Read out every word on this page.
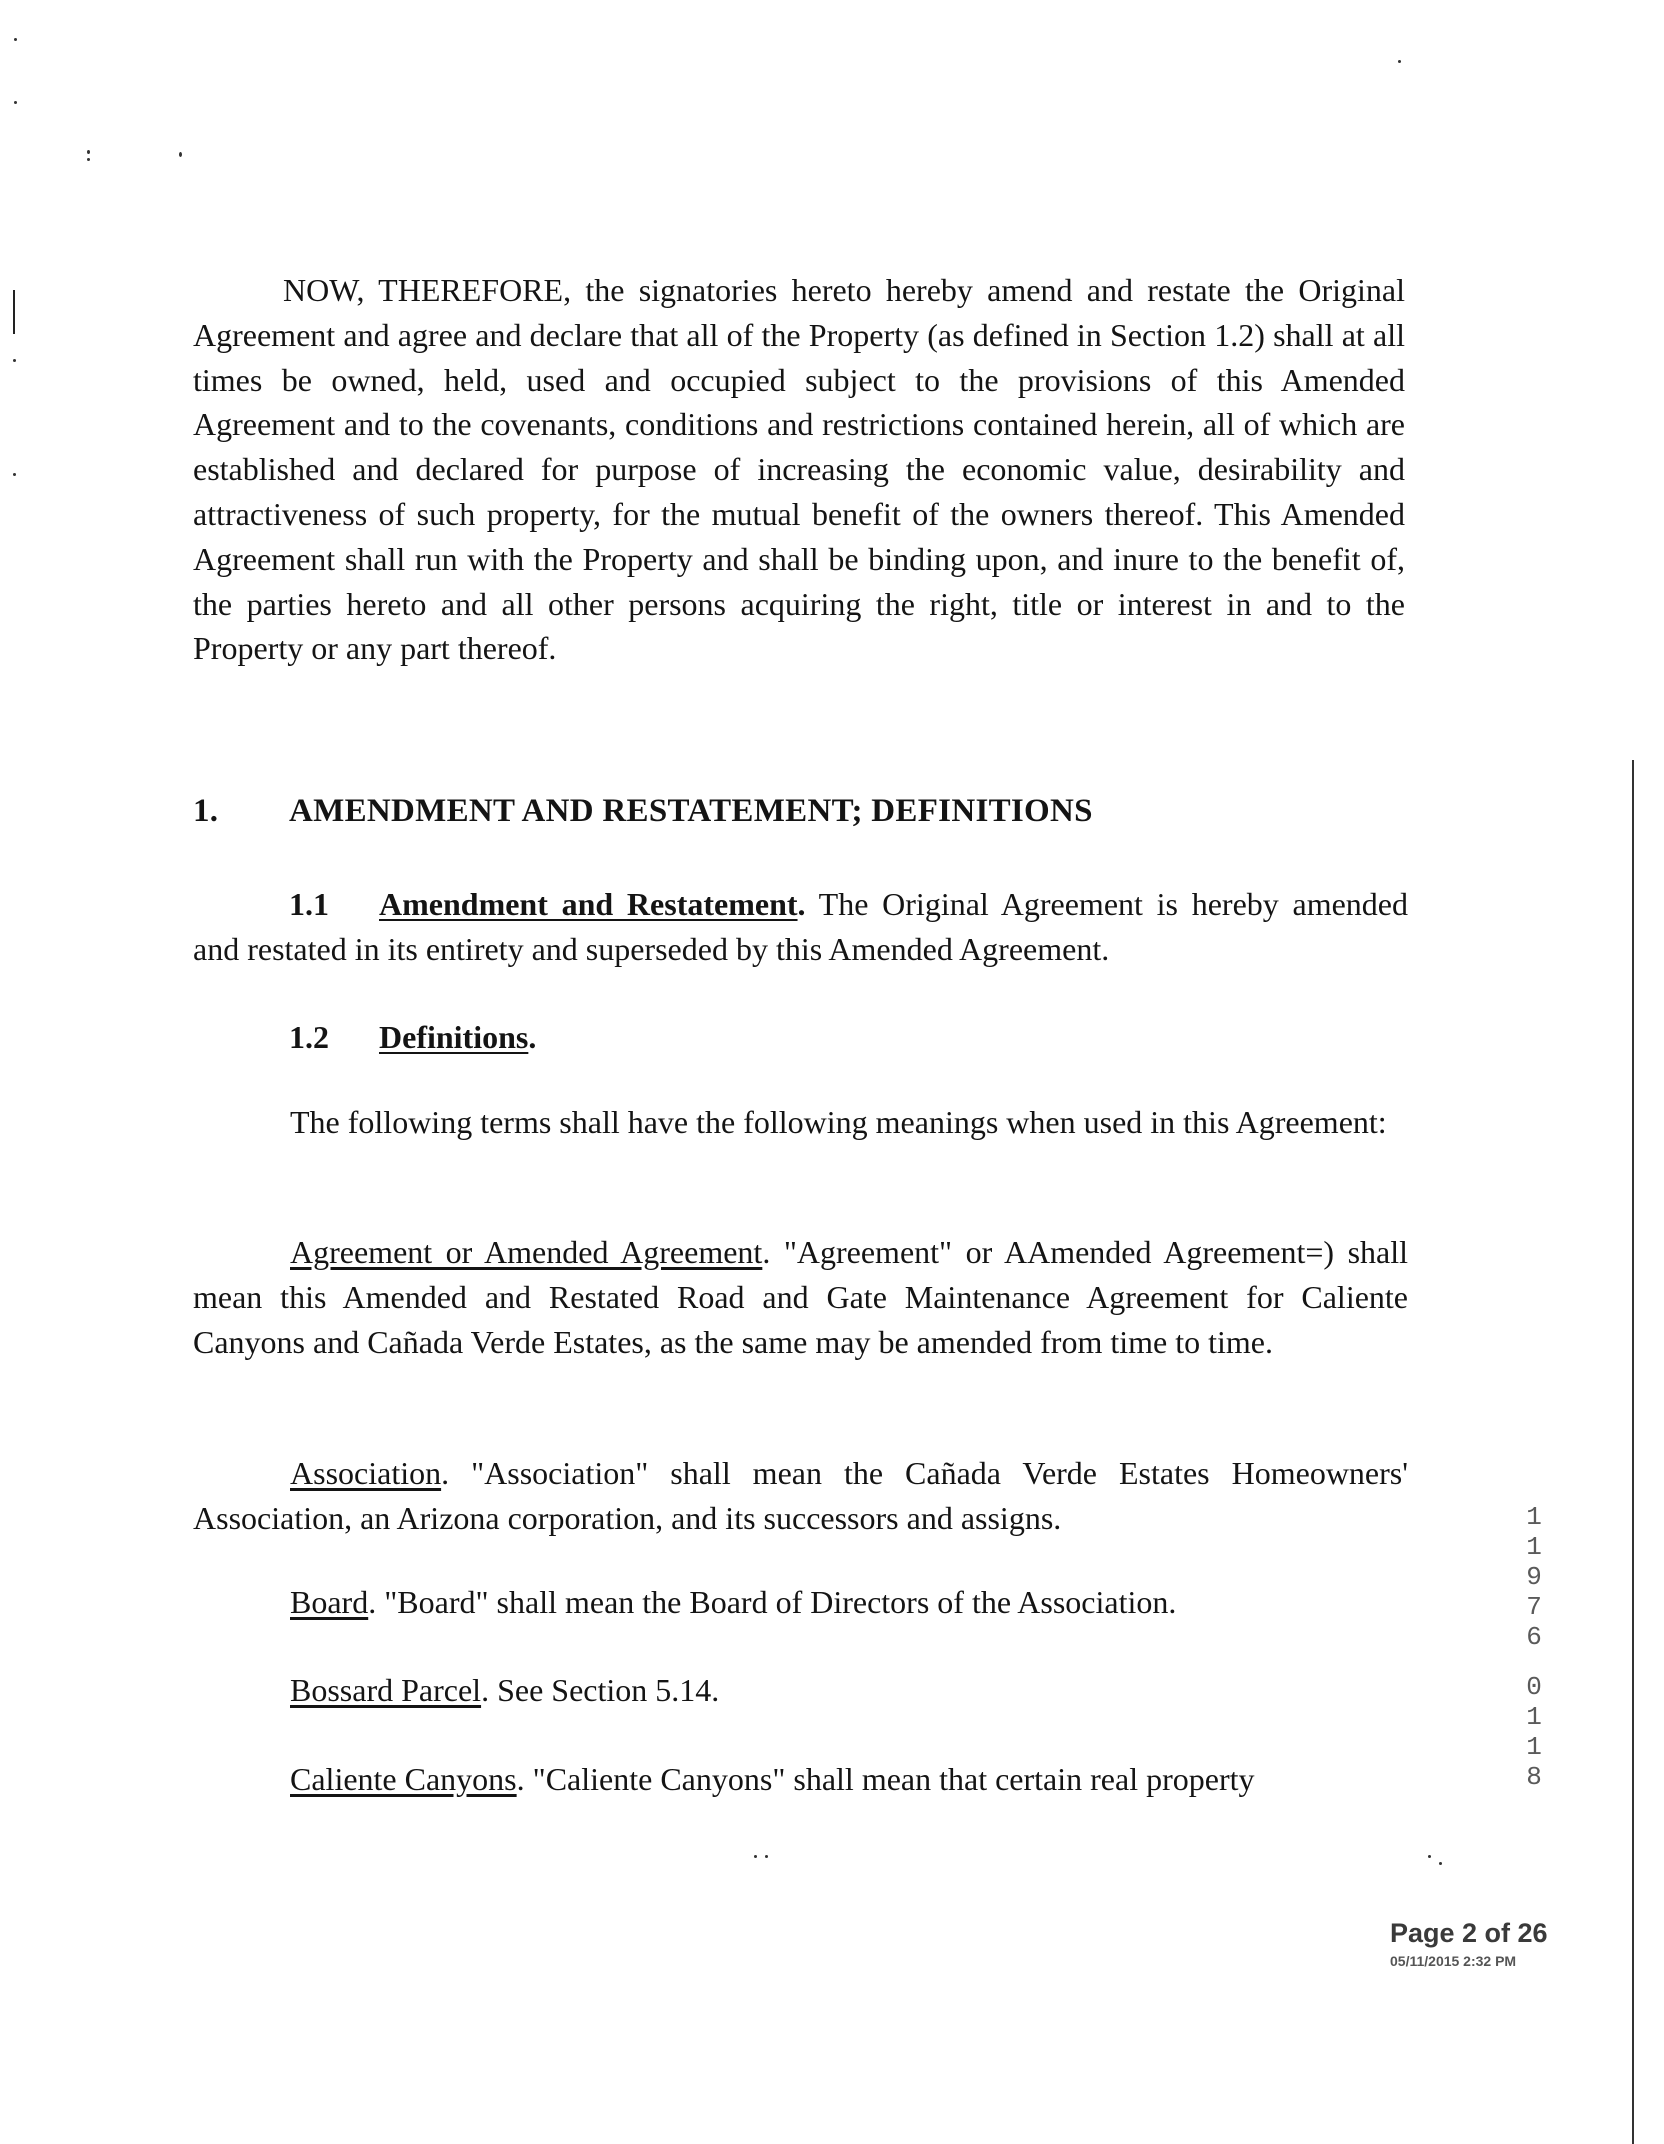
NOW, THEREFORE, the signatories hereto hereby amend and restate the Original Agreement and agree and declare that all of the Property (as defined in Section 1.2) shall at all times be owned, held, used and occupied subject to the provisions of this Amended Agreement and to the covenants, conditions and restrictions contained herein, all of which are established and declared for purpose of increasing the economic value, desirability and attractiveness of such property, for the mutual benefit of the owners thereof. This Amended Agreement shall run with the Property and shall be binding upon, and inure to the benefit of, the parties hereto and all other persons acquiring the right, title or interest in and to the Property or any part thereof.

1. AMENDMENT AND RESTATEMENT; DEFINITIONS

1.1 Amendment and Restatement. The Original Agreement is hereby amended and restated in its entirety and superseded by this Amended Agreement.

1.2 Definitions.

The following terms shall have the following meanings when used in this Agreement:

Agreement or Amended Agreement. "Agreement" or AAmended Agreement=) shall mean this Amended and Restated Road and Gate Maintenance Agreement for Caliente Canyons and Cañada Verde Estates, as the same may be amended from time to time.

Association. "Association" shall mean the Cañada Verde Estates Homeowners' Association, an Arizona corporation, and its successors and assigns.

Board. "Board" shall mean the Board of Directors of the Association.

Bossard Parcel. See Section 5.14.

Caliente Canyons. "Caliente Canyons" shall mean that certain real property

1
1
9
7
6
0
1
1
8
Page 2 of 26
05/11/2015 2:32 PM
